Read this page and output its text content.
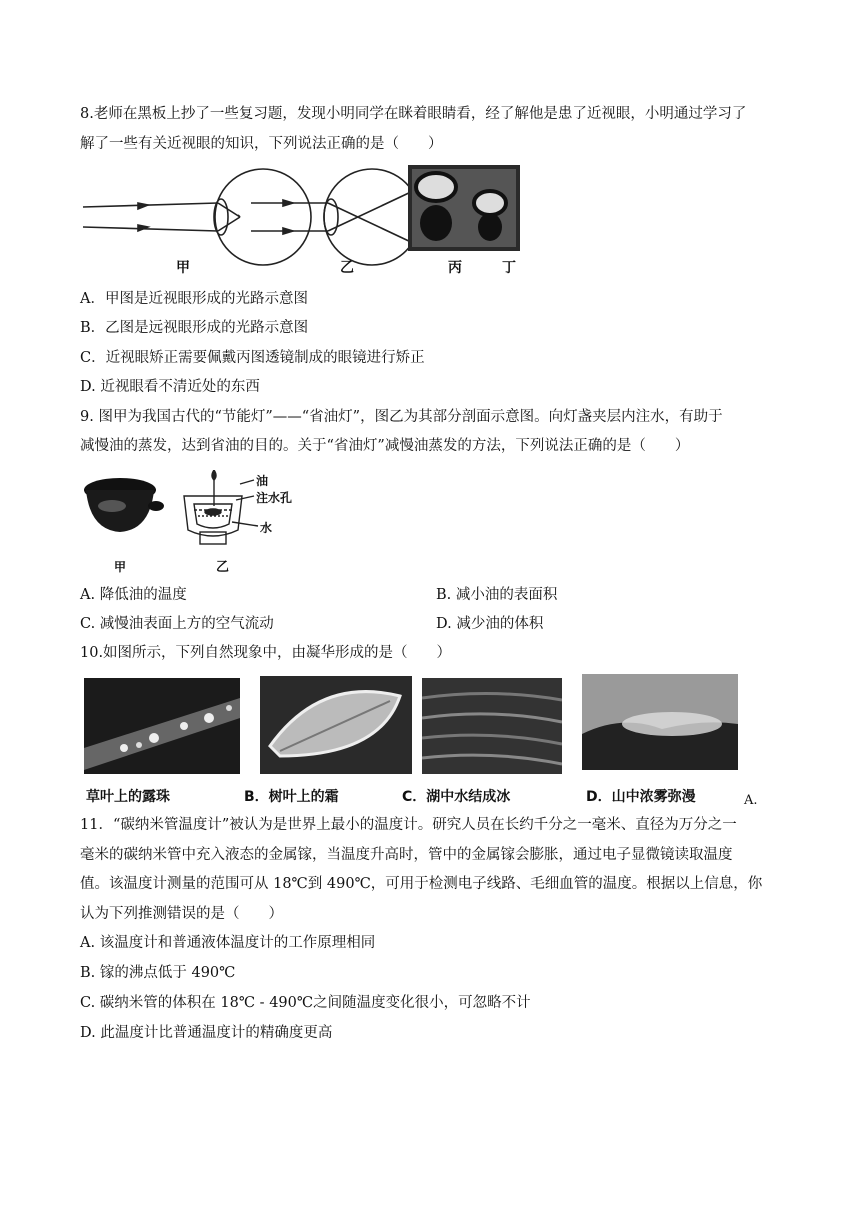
8.老师在黑板上抄了一些复习题，发现小明同学在眯着眼睛看，经了解他是患了近视眼，小明通过学习了
解了一些有关近视眼的知识，下列说法正确的是（　　）
甲	乙	丙	丁
A．甲图是近视眼形成的光路示意图
B．乙图是远视眼形成的光路示意图
C．近视眼矫正需要佩戴丙图透镜制成的眼镜进行矫正
D. 近视眼看不清近处的东西
9. 图甲为我国古代的“节能灯”——“省油灯”，图乙为其部分剖面示意图。向灯盏夹层内注水，有助于
减慢油的蒸发，达到省油的目的。关于“省油灯”减慢油蒸发的方法，下列说法正确的是（　　）
油
注水孔
水
甲	乙
A. 降低油的温度	B. 减小油的表面积
C. 减慢油表面上方的空气流动	D. 减少油的体积
10.如图所示，下列自然现象中，由凝华形成的是（　　）
草叶上的露珠	B．树叶上的霜	C．湖中水结成冰	D．山中浓雾弥漫	A.
11．“碳纳米管温度计”被认为是世界上最小的温度计。研究人员在长约千分之一毫米、直径为万分之一
毫米的碳纳米管中充入液态的金属镓，当温度升高时，管中的金属镓会膨胀，通过电子显微镜读取温度
值。该温度计测量的范围可从 18℃到 490℃，可用于检测电子线路、毛细血管的温度。根据以上信息，你
认为下列推测错误的是（　　）
A. 该温度计和普通液体温度计的工作原理相同
B. 镓的沸点低于 490℃
C. 碳纳米管的体积在 18℃ - 490℃之间随温度变化很小，可忽略不计
D. 此温度计比普通温度计的精确度更高
